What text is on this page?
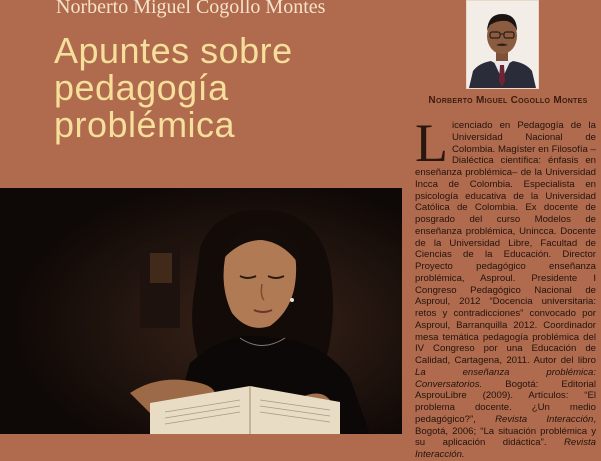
Norberto Miguel Cogollo Montes
Apuntes sobre
pedagogía
problémica
Norberto Miguel Cogollo Montes
Licenciado en Pedagogía de la Universidad Nacional de Colombia. Magíster en Filosofía –Dialéctica científica: énfasis en enseñanza problémica– de la Universidad Incca de Colombia. Especialista en psicología educativa de la Universidad Católica de Colombia. Ex docente de posgrado del curso Modelos de enseñanza problémica, Unincca. Docente de la Universidad Libre, Facultad de Ciencias de la Educación. Director Proyecto pedagógico enseñanza problémica, Asproul. Presidente I Congreso Pedagógico Nacional de Asproul, 2012 “Docencia universitaria: retos y contradicciones” convocado por Asproul, Barranquilla 2012. Coordinador mesa temática pedagogía problémica del IV Congreso por una Educación de Calidad, Cartagena, 2011. Autor del libro La enseñanza problémica: Conversatorios. Bogotá: Editorial AsprouLibre (2009). Artículos: “El problema docente. ¿Un medio pedagógico?”, Revista Interacción, Bogotá, 2006; “La situación problémica y su aplicación didáctica”. Revista Interacción.
